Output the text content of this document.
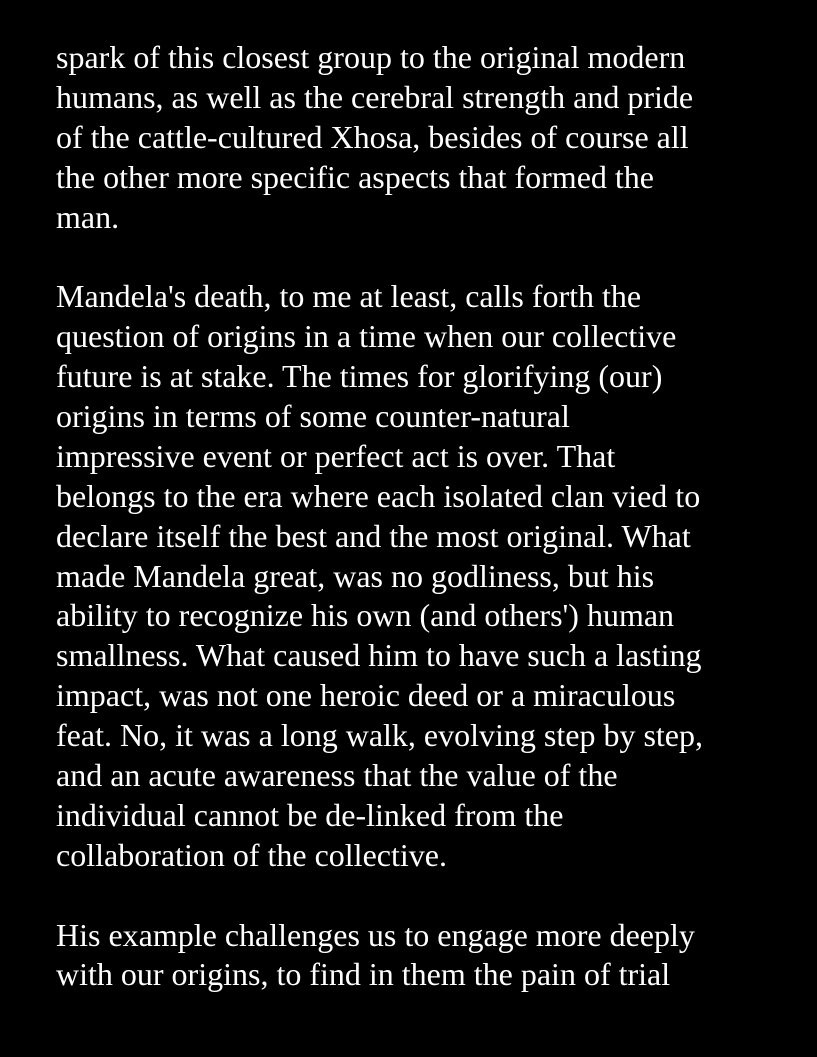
spark of this closest group to the original modern
humans, as well as the cerebral strength and pride
of the cattle-cultured Xhosa, besides of course all
the other more specific aspects that formed the
man.
Mandela's death, to me at least, calls forth the
question of origins in a time when our collective
future is at stake. The times for glorifying (our)
origins in terms of some counter-natural
impressive event or perfect act is over. That
belongs to the era where each isolated clan vied to
declare itself the best and the most original. What
made Mandela great, was no godliness, but his
ability to recognize his own (and others') human
smallness. What caused him to have such a lasting
impact, was not one heroic deed or a miraculous
feat. No, it was a long walk, evolving step by step,
and an acute awareness that the value of the
individual cannot be de-linked from the
collaboration of the collective.
His example challenges us to engage more deeply
with our origins, to find in them the pain of trial
